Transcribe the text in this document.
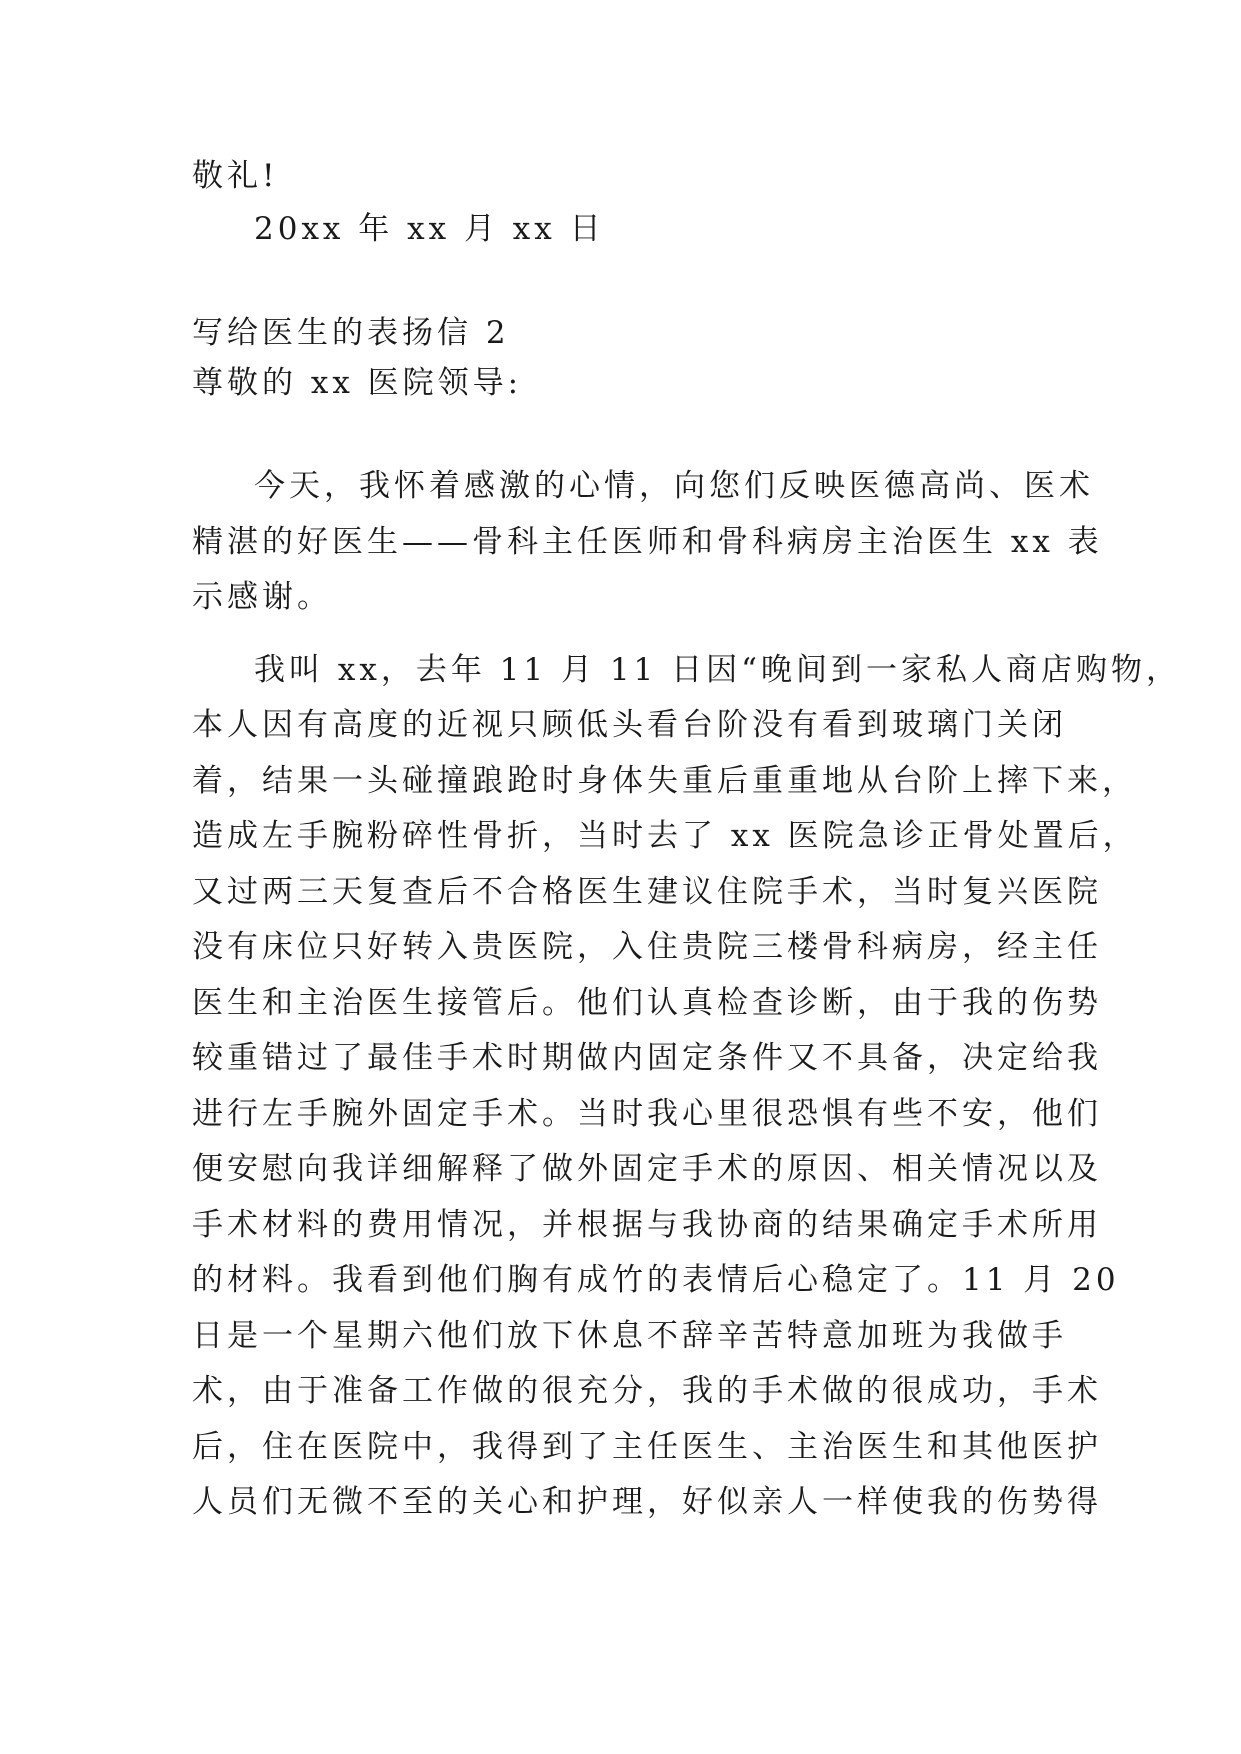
敬礼!
20xx 年 xx 月 xx 日
写给医生的表扬信 2
尊敬的 xx 医院领导:
今天，我怀着感激的心情，向您们反映医德高尚、医术
精湛的好医生——骨科主任医师和骨科病房主治医生 xx 表
示感谢。
我叫 xx，去年 11 月 11 日因“晚间到一家私人商店购物，
本人因有高度的近视只顾低头看台阶没有看到玻璃门关闭
着，结果一头碰撞踉跄时身体失重后重重地从台阶上摔下来，
造成左手腕粉碎性骨折，当时去了 xx 医院急诊正骨处置后，
又过两三天复查后不合格医生建议住院手术，当时复兴医院
没有床位只好转入贵医院，入住贵院三楼骨科病房，经主任
医生和主治医生接管后。他们认真检查诊断，由于我的伤势
较重错过了最佳手术时期做内固定条件又不具备，决定给我
进行左手腕外固定手术。当时我心里很恐惧有些不安，他们
便安慰向我详细解释了做外固定手术的原因、相关情况以及
手术材料的费用情况，并根据与我协商的结果确定手术所用
的材料。我看到他们胸有成竹的表情后心稳定了。11 月 20
日是一个星期六他们放下休息不辞辛苦特意加班为我做手
术，由于准备工作做的很充分，我的手术做的很成功，手术
后，住在医院中，我得到了主任医生、主治医生和其他医护
人员们无微不至的关心和护理，好似亲人一样使我的伤势得
